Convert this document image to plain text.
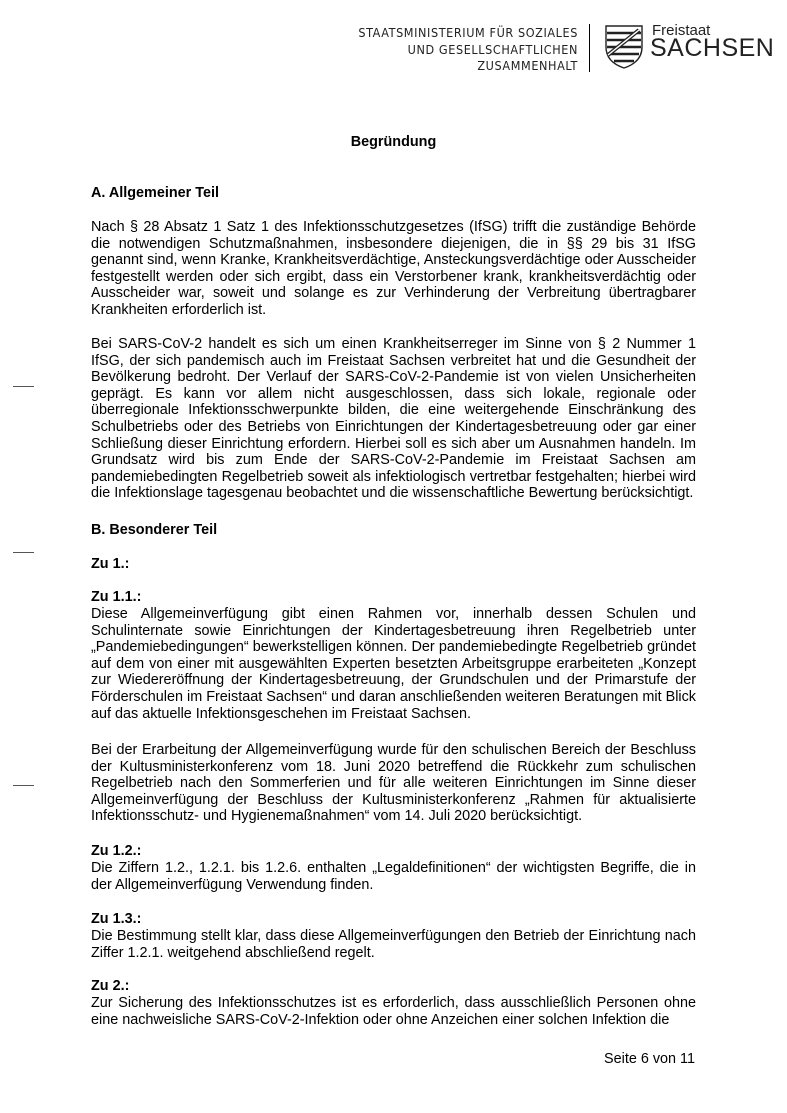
STAATSMINISTERIUM FÜR SOZIALES
UND GESELLSCHAFTLICHEN
ZUSAMMENHALT
Freistaat
SACHSEN
Begründung
A. Allgemeiner Teil
Nach § 28 Absatz 1 Satz 1 des Infektionsschutzgesetzes (IfSG) trifft die zuständige Behörde die notwendigen Schutzmaßnahmen, insbesondere diejenigen, die in §§ 29 bis 31 IfSG genannt sind, wenn Kranke, Krankheitsverdächtige, Ansteckungsverdächtige oder Ausscheider festgestellt werden oder sich ergibt, dass ein Verstorbener krank, krankheitsverdächtig oder Ausscheider war, soweit und solange es zur Verhinderung der Verbreitung übertragbarer Krankheiten erforderlich ist.
Bei SARS-CoV-2 handelt es sich um einen Krankheitserreger im Sinne von § 2 Nummer 1 IfSG, der sich pandemisch auch im Freistaat Sachsen verbreitet hat und die Gesundheit der Bevölkerung bedroht. Der Verlauf der SARS-CoV-2-Pandemie ist von vielen Unsicherheiten geprägt. Es kann vor allem nicht ausgeschlossen, dass sich lokale, regionale oder überregionale Infektionsschwerpunkte bilden, die eine weitergehende Einschränkung des Schulbetriebs oder des Betriebs von Einrichtungen der Kindertagesbetreuung oder gar einer Schließung dieser Einrichtung erfordern. Hierbei soll es sich aber um Ausnahmen handeln. Im Grundsatz wird bis zum Ende der SARS-CoV-2-Pandemie im Freistaat Sachsen am pandemiebedingten Regelbetrieb soweit als infektiologisch vertretbar festgehalten; hierbei wird die Infektionslage tagesgenau beobachtet und die wissenschaftliche Bewertung berücksichtigt.
B. Besonderer Teil
Zu 1.:
Zu 1.1.:
Diese Allgemeinverfügung gibt einen Rahmen vor, innerhalb dessen Schulen und Schulinternate sowie Einrichtungen der Kindertagesbetreuung ihren Regelbetrieb unter „Pandemiebedingungen“ bewerkstelligen können. Der pandemiebedingte Regelbetrieb gründet auf dem von einer mit ausgewählten Experten besetzten Arbeitsgruppe erarbeiteten „Konzept zur Wiedereröffnung der Kindertagesbetreuung, der Grundschulen und der Primarstufe der Förderschulen im Freistaat Sachsen“ und daran anschließenden weiteren Beratungen mit Blick auf das aktuelle Infektionsgeschehen im Freistaat Sachsen.
Bei der Erarbeitung der Allgemeinverfügung wurde für den schulischen Bereich der Beschluss der Kultusministerkonferenz vom 18. Juni 2020 betreffend die Rückkehr zum schulischen Regelbetrieb nach den Sommerferien und für alle weiteren Einrichtungen im Sinne dieser Allgemeinverfügung der Beschluss der Kultusministerkonferenz „Rahmen für aktualisierte Infektionsschutz- und Hygienemaßnahmen“ vom 14. Juli 2020 berücksichtigt.
Zu 1.2.:
Die Ziffern 1.2., 1.2.1. bis 1.2.6. enthalten „Legaldefinitionen“ der wichtigsten Begriffe, die in der Allgemeinverfügung Verwendung finden.
Zu 1.3.:
Die Bestimmung stellt klar, dass diese Allgemeinverfügungen den Betrieb der Einrichtung nach Ziffer 1.2.1. weitgehend abschließend regelt.
Zu 2.:
Zur Sicherung des Infektionsschutzes ist es erforderlich, dass ausschließlich Personen ohne eine nachweisliche SARS-CoV-2-Infektion oder ohne Anzeichen einer solchen Infektion die
Seite 6 von 11
